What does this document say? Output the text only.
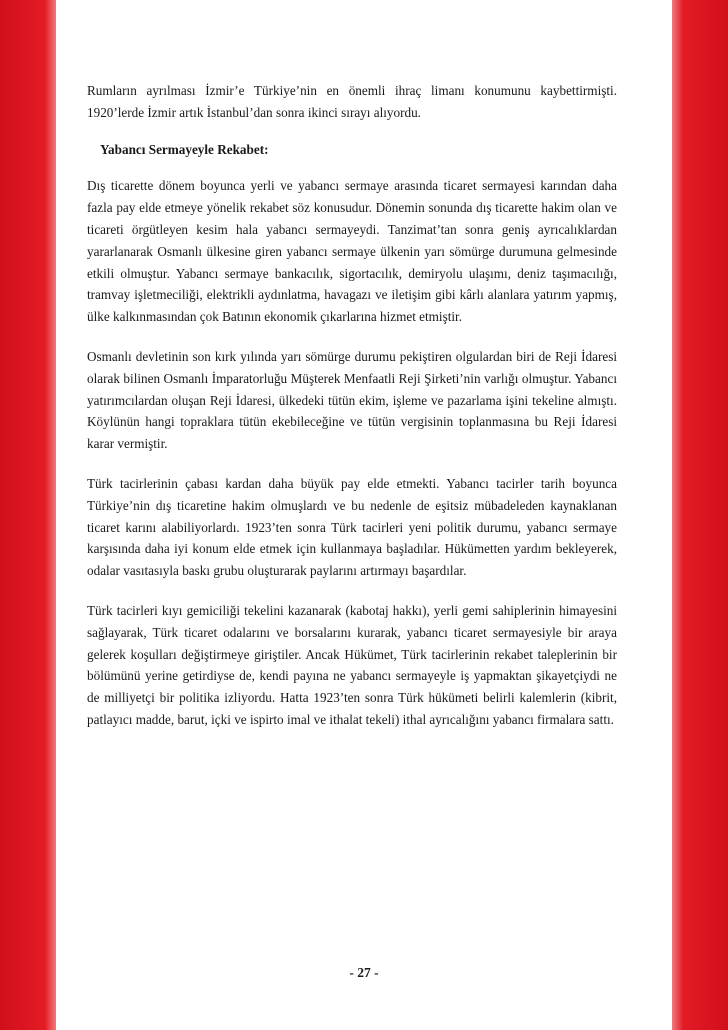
Rumların ayrılması İzmir’e Türkiye’nin en önemli ihraç limanı konumunu kaybettirmişti. 1920’lerde İzmir artık İstanbul’dan sonra ikinci sırayı alıyordu.

Yabancı Sermayeyle Rekabet:

Dış ticarette dönem boyunca yerli ve yabancı sermaye arasında ticaret sermayesi karından daha fazla pay elde etmeye yönelik rekabet söz konusudur. Dönemin sonunda dış ticarette hakim olan ve ticareti örgütleyen kesim hala yabancı sermayeydi. Tanzimat’tan sonra geniş ayrıcalıklardan yararlanarak Osmanlı ülkesine giren yabancı sermaye ülkenin yarı sömürge durumuna gelmesinde etkili olmuştur. Yabancı sermaye bankacılık, sigortacılık, demiryolu ulaşımı, deniz taşımacılığı, tramvay işletmeciliği, elektrikli aydınlatma, havagazı ve iletişim gibi kârlı alanlara yatırım yapmış, ülke kalkınmasından çok Batının ekonomik çıkarlarına hizmet etmiştir.

Osmanlı devletinin son kırk yılında yarı sömürge durumu pekiştiren olgulardan biri de Reji İdaresi olarak bilinen Osmanlı İmparatorluğu Müşterek Menfaatli Reji Şirketi’nin varlığı olmuştur. Yabancı yatırımcılardan oluşan Reji İdaresi, ülkedeki tütün ekim, işleme ve pazarlama işini tekeline almıştı. Köylünün hangi topraklara tütün ekebileceğine ve tütün vergisinin toplanmasına bu Reji İdaresi karar vermiştir.

Türk tacirlerinin çabası kardan daha büyük pay elde etmekti. Yabancı tacirler tarih boyunca Türkiye’nin dış ticaretine hakim olmuşlardı ve bu nedenle de eşitsiz mübadeleden kaynaklanan ticaret karını alabiliyorlardı. 1923’ten sonra Türk tacirleri yeni politik durumu, yabancı sermaye karşısında daha iyi konum elde etmek için kullanmaya başladılar. Hükümetten yardım bekleyerek, odalar vasıtasıyla baskı grubu oluşturarak paylarını artırmayı başardılar.

Türk tacirleri kıyı gemiciliği tekelini kazanarak (kabotaj hakkı), yerli gemi sahiplerinin himayesini sağlayarak, Türk ticaret odalarını ve borsalarını kurarak, yabancı ticaret sermayesiyle bir araya gelerek koşulları değiştirmeye giriştiler. Ancak Hükümet, Türk tacirlerinin rekabet taleplerinin bir bölümünü yerine getirdiyse de, kendi payına ne yabancı sermayeyle iş yapmaktan şikayetçiydi ne de milliyetçi bir politika izliyordu. Hatta 1923’ten sonra Türk hükümeti belirli kalemlerin (kibrit, patlayıcı madde, barut, içki ve ispirto imal ve ithalat tekeli) ithal ayrıcalığını yabancı firmalara sattı.

- 27 -
